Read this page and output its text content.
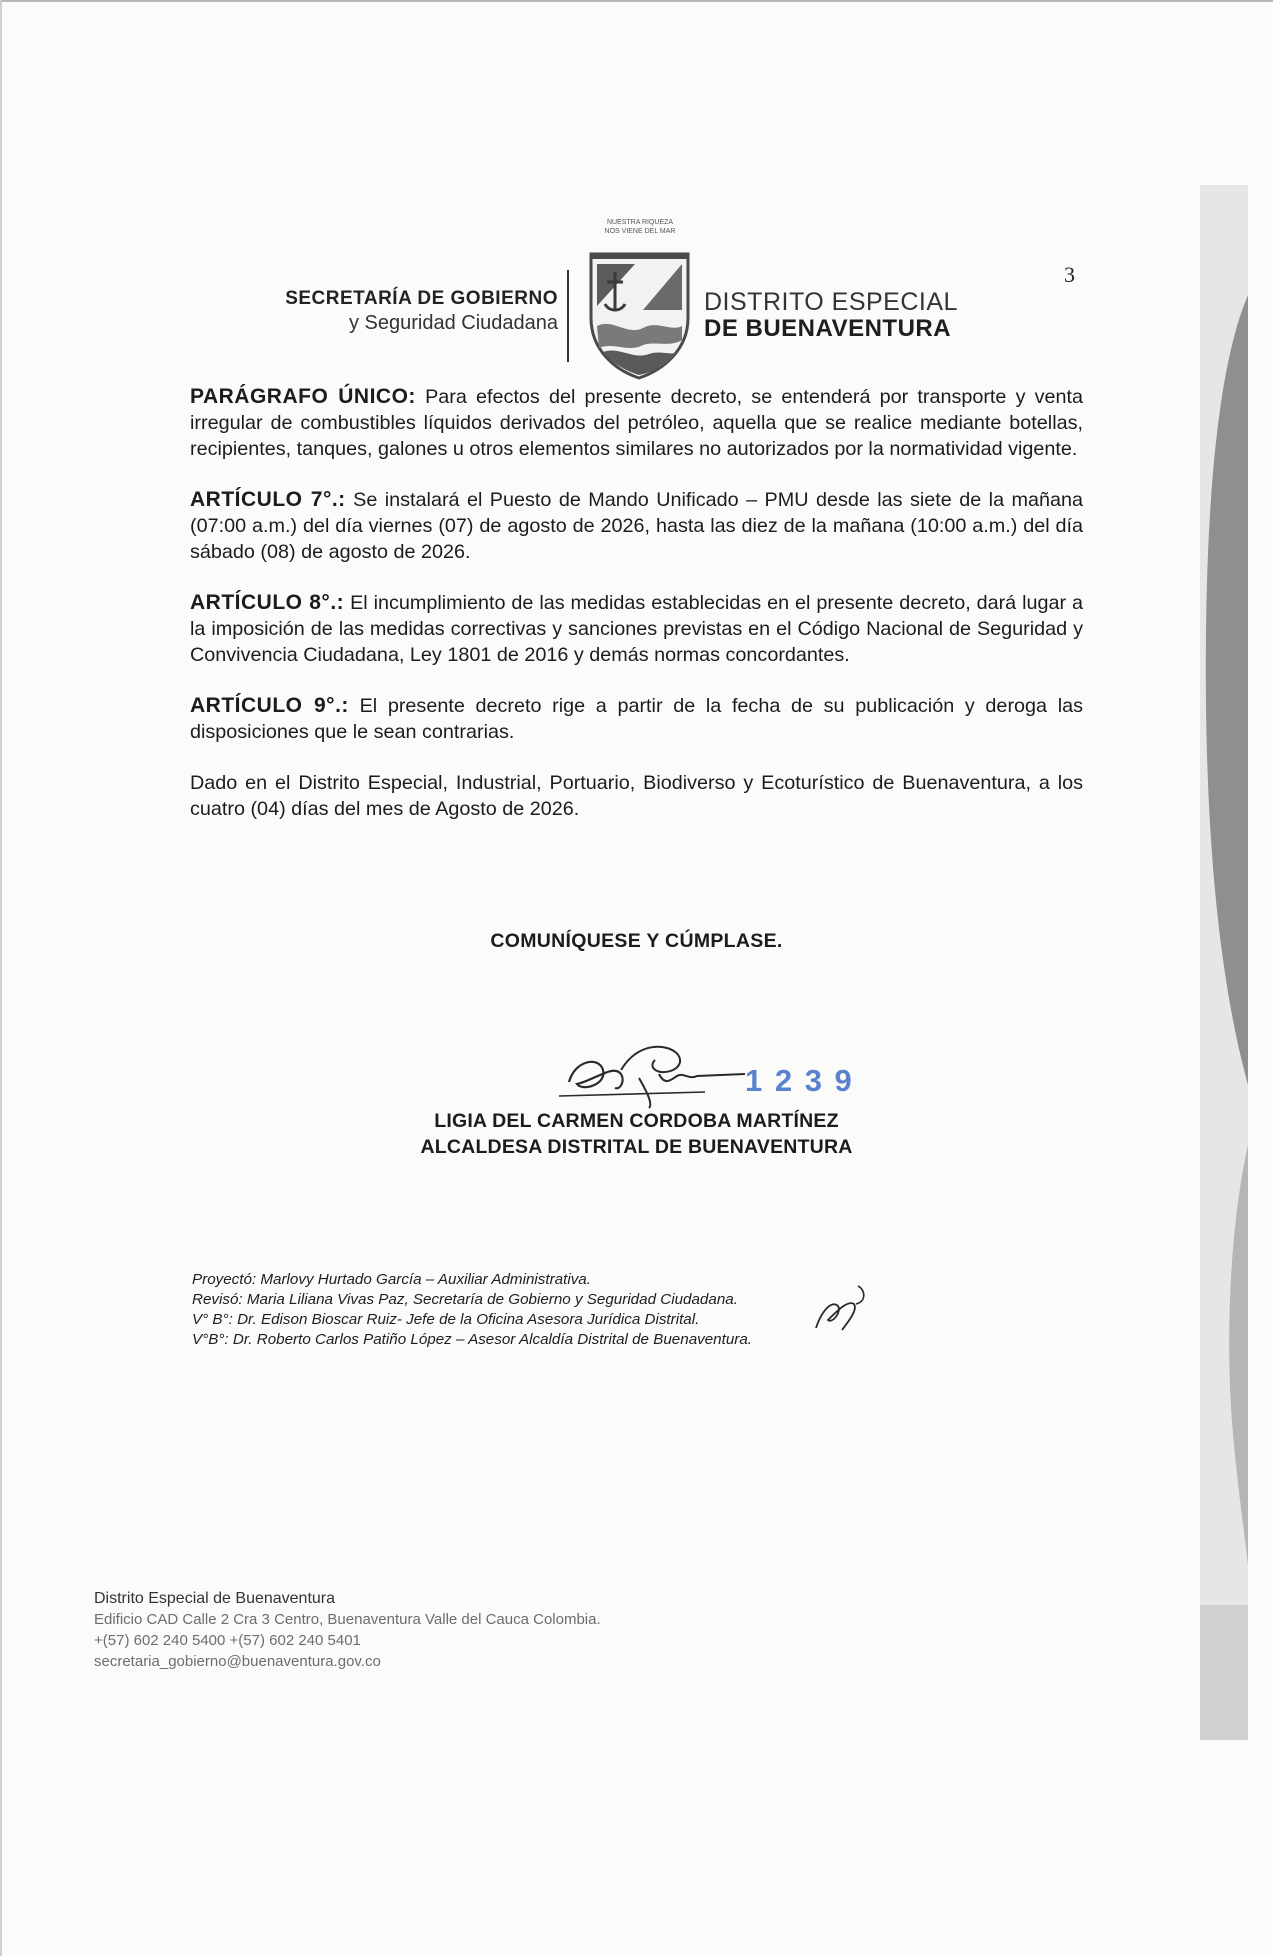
3
SECRETARÍA DE GOBIERNO
y Seguridad Ciudadana
NUESTRA RIQUEZA
NOS VIENE DEL MAR
DISTRITO ESPECIAL
DE BUENAVENTURA

PARÁGRAFO ÚNICO: Para efectos del presente decreto, se entenderá por transporte y venta irregular de combustibles líquidos derivados del petróleo, aquella que se realice mediante botellas, recipientes, tanques, galones u otros elementos similares no autorizados por la normatividad vigente.

ARTÍCULO 7°.: Se instalará el Puesto de Mando Unificado – PMU desde las siete de la mañana (07:00 a.m.) del día viernes (07) de agosto de 2026, hasta las diez de la mañana (10:00 a.m.) del día sábado (08) de agosto de 2026.

ARTÍCULO 8°.: El incumplimiento de las medidas establecidas en el presente decreto, dará lugar a la imposición de las medidas correctivas y sanciones previstas en el Código Nacional de Seguridad y Convivencia Ciudadana, Ley 1801 de 2016 y demás normas concordantes.

ARTÍCULO 9°.: El presente decreto rige a partir de la fecha de su publicación y deroga las disposiciones que le sean contrarias.

Dado en el Distrito Especial, Industrial, Portuario, Biodiverso y Ecoturístico de Buenaventura, a los cuatro (04) días del mes de Agosto de 2026.

COMUNÍQUESE Y CÚMPLASE.
1 2 3 9
LIGIA DEL CARMEN CORDOBA MARTÍNEZ
ALCALDESA DISTRITAL DE BUENAVENTURA
Proyectó: Marlovy Hurtado García – Auxiliar Administrativa.
Revisó: Maria Liliana Vivas Paz, Secretaría de Gobierno y Seguridad Ciudadana.
V° B°: Dr. Edison Bioscar Ruiz- Jefe de la Oficina Asesora Jurídica Distrital.
V°B°: Dr. Roberto Carlos Patiño López – Asesor Alcaldía Distrital de Buenaventura.
Distrito Especial de Buenaventura
Edificio CAD Calle 2 Cra 3 Centro, Buenaventura Valle del Cauca Colombia.
+(57) 602 240 5400 +(57) 602 240 5401
secretaria_gobierno@buenaventura.gov.co
